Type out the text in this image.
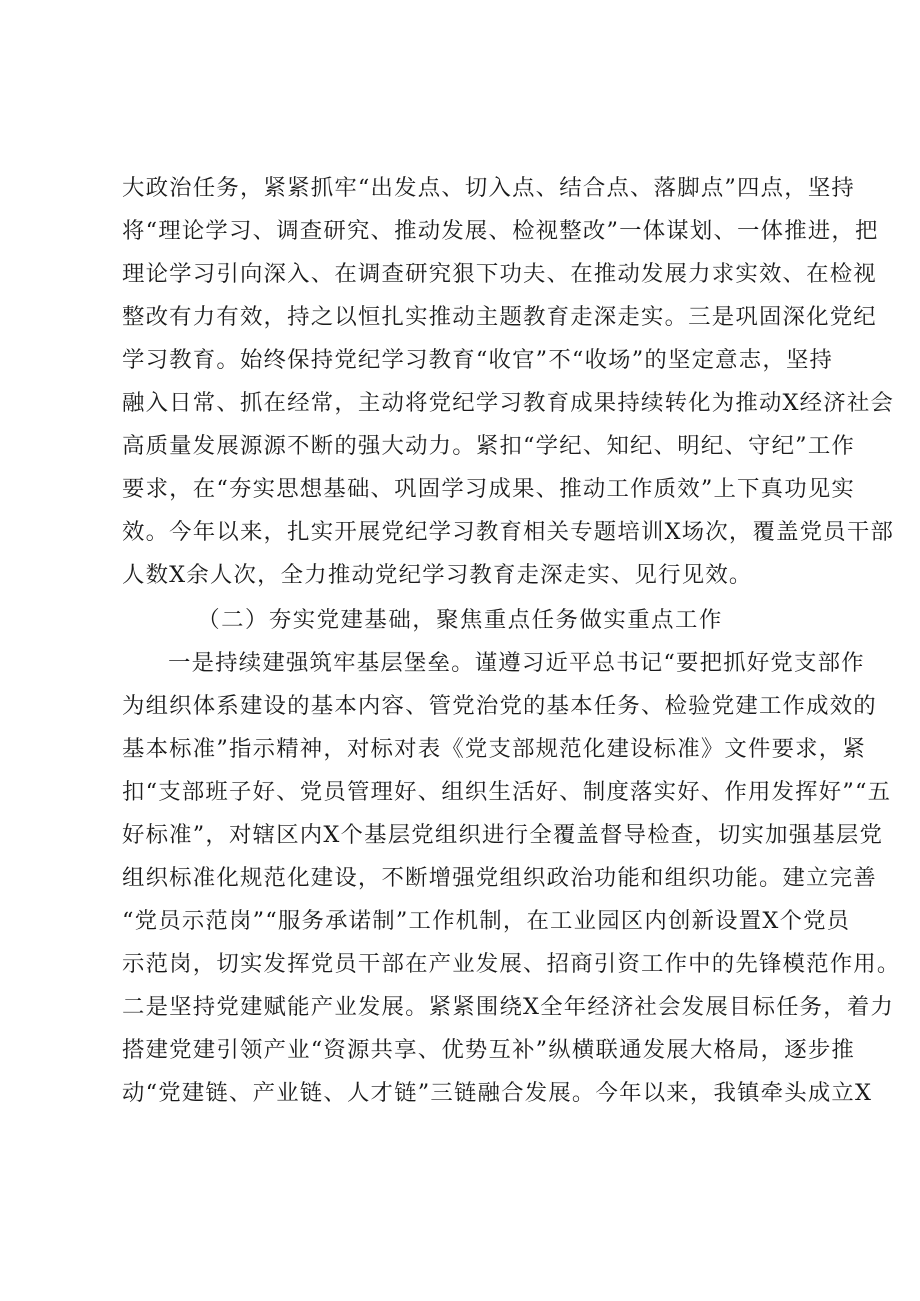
大政治任务，紧紧抓牢“出发点、切入点、结合点、落脚点”四点，坚持
将“理论学习、调查研究、推动发展、检视整改”一体谋划、一体推进，把
理论学习引向深入、在调查研究狠下功夫、在推动发展力求实效、在检视
整改有力有效，持之以恒扎实推动主题教育走深走实。三是巩固深化党纪
学习教育。始终保持党纪学习教育“收官”不“收场”的坚定意志，坚持
融入日常、抓在经常，主动将党纪学习教育成果持续转化为推动X经济社会
高质量发展源源不断的强大动力。紧扣“学纪、知纪、明纪、守纪”工作
要求，在“夯实思想基础、巩固学习成果、推动工作质效”上下真功见实
效。今年以来，扎实开展党纪学习教育相关专题培训X场次，覆盖党员干部
人数X余人次，全力推动党纪学习教育走深走实、见行见效。
（二）夯实党建基础，聚焦重点任务做实重点工作
一是持续建强筑牢基层堡垒。谨遵习近平总书记“要把抓好党支部作
为组织体系建设的基本内容、管党治党的基本任务、检验党建工作成效的
基本标准”指示精神，对标对表《党支部规范化建设标准》文件要求，紧
扣“支部班子好、党员管理好、组织生活好、制度落实好、作用发挥好”“五
好标准”，对辖区内X个基层党组织进行全覆盖督导检查，切实加强基层党
组织标准化规范化建设，不断增强党组织政治功能和组织功能。建立完善
“党员示范岗”“服务承诺制”工作机制，在工业园区内创新设置X个党员
示范岗，切实发挥党员干部在产业发展、招商引资工作中的先锋模范作用。
二是坚持党建赋能产业发展。紧紧围绕X全年经济社会发展目标任务，着力
搭建党建引领产业“资源共享、优势互补”纵横联通发展大格局，逐步推
动“党建链、产业链、人才链”三链融合发展。今年以来，我镇牵头成立X
